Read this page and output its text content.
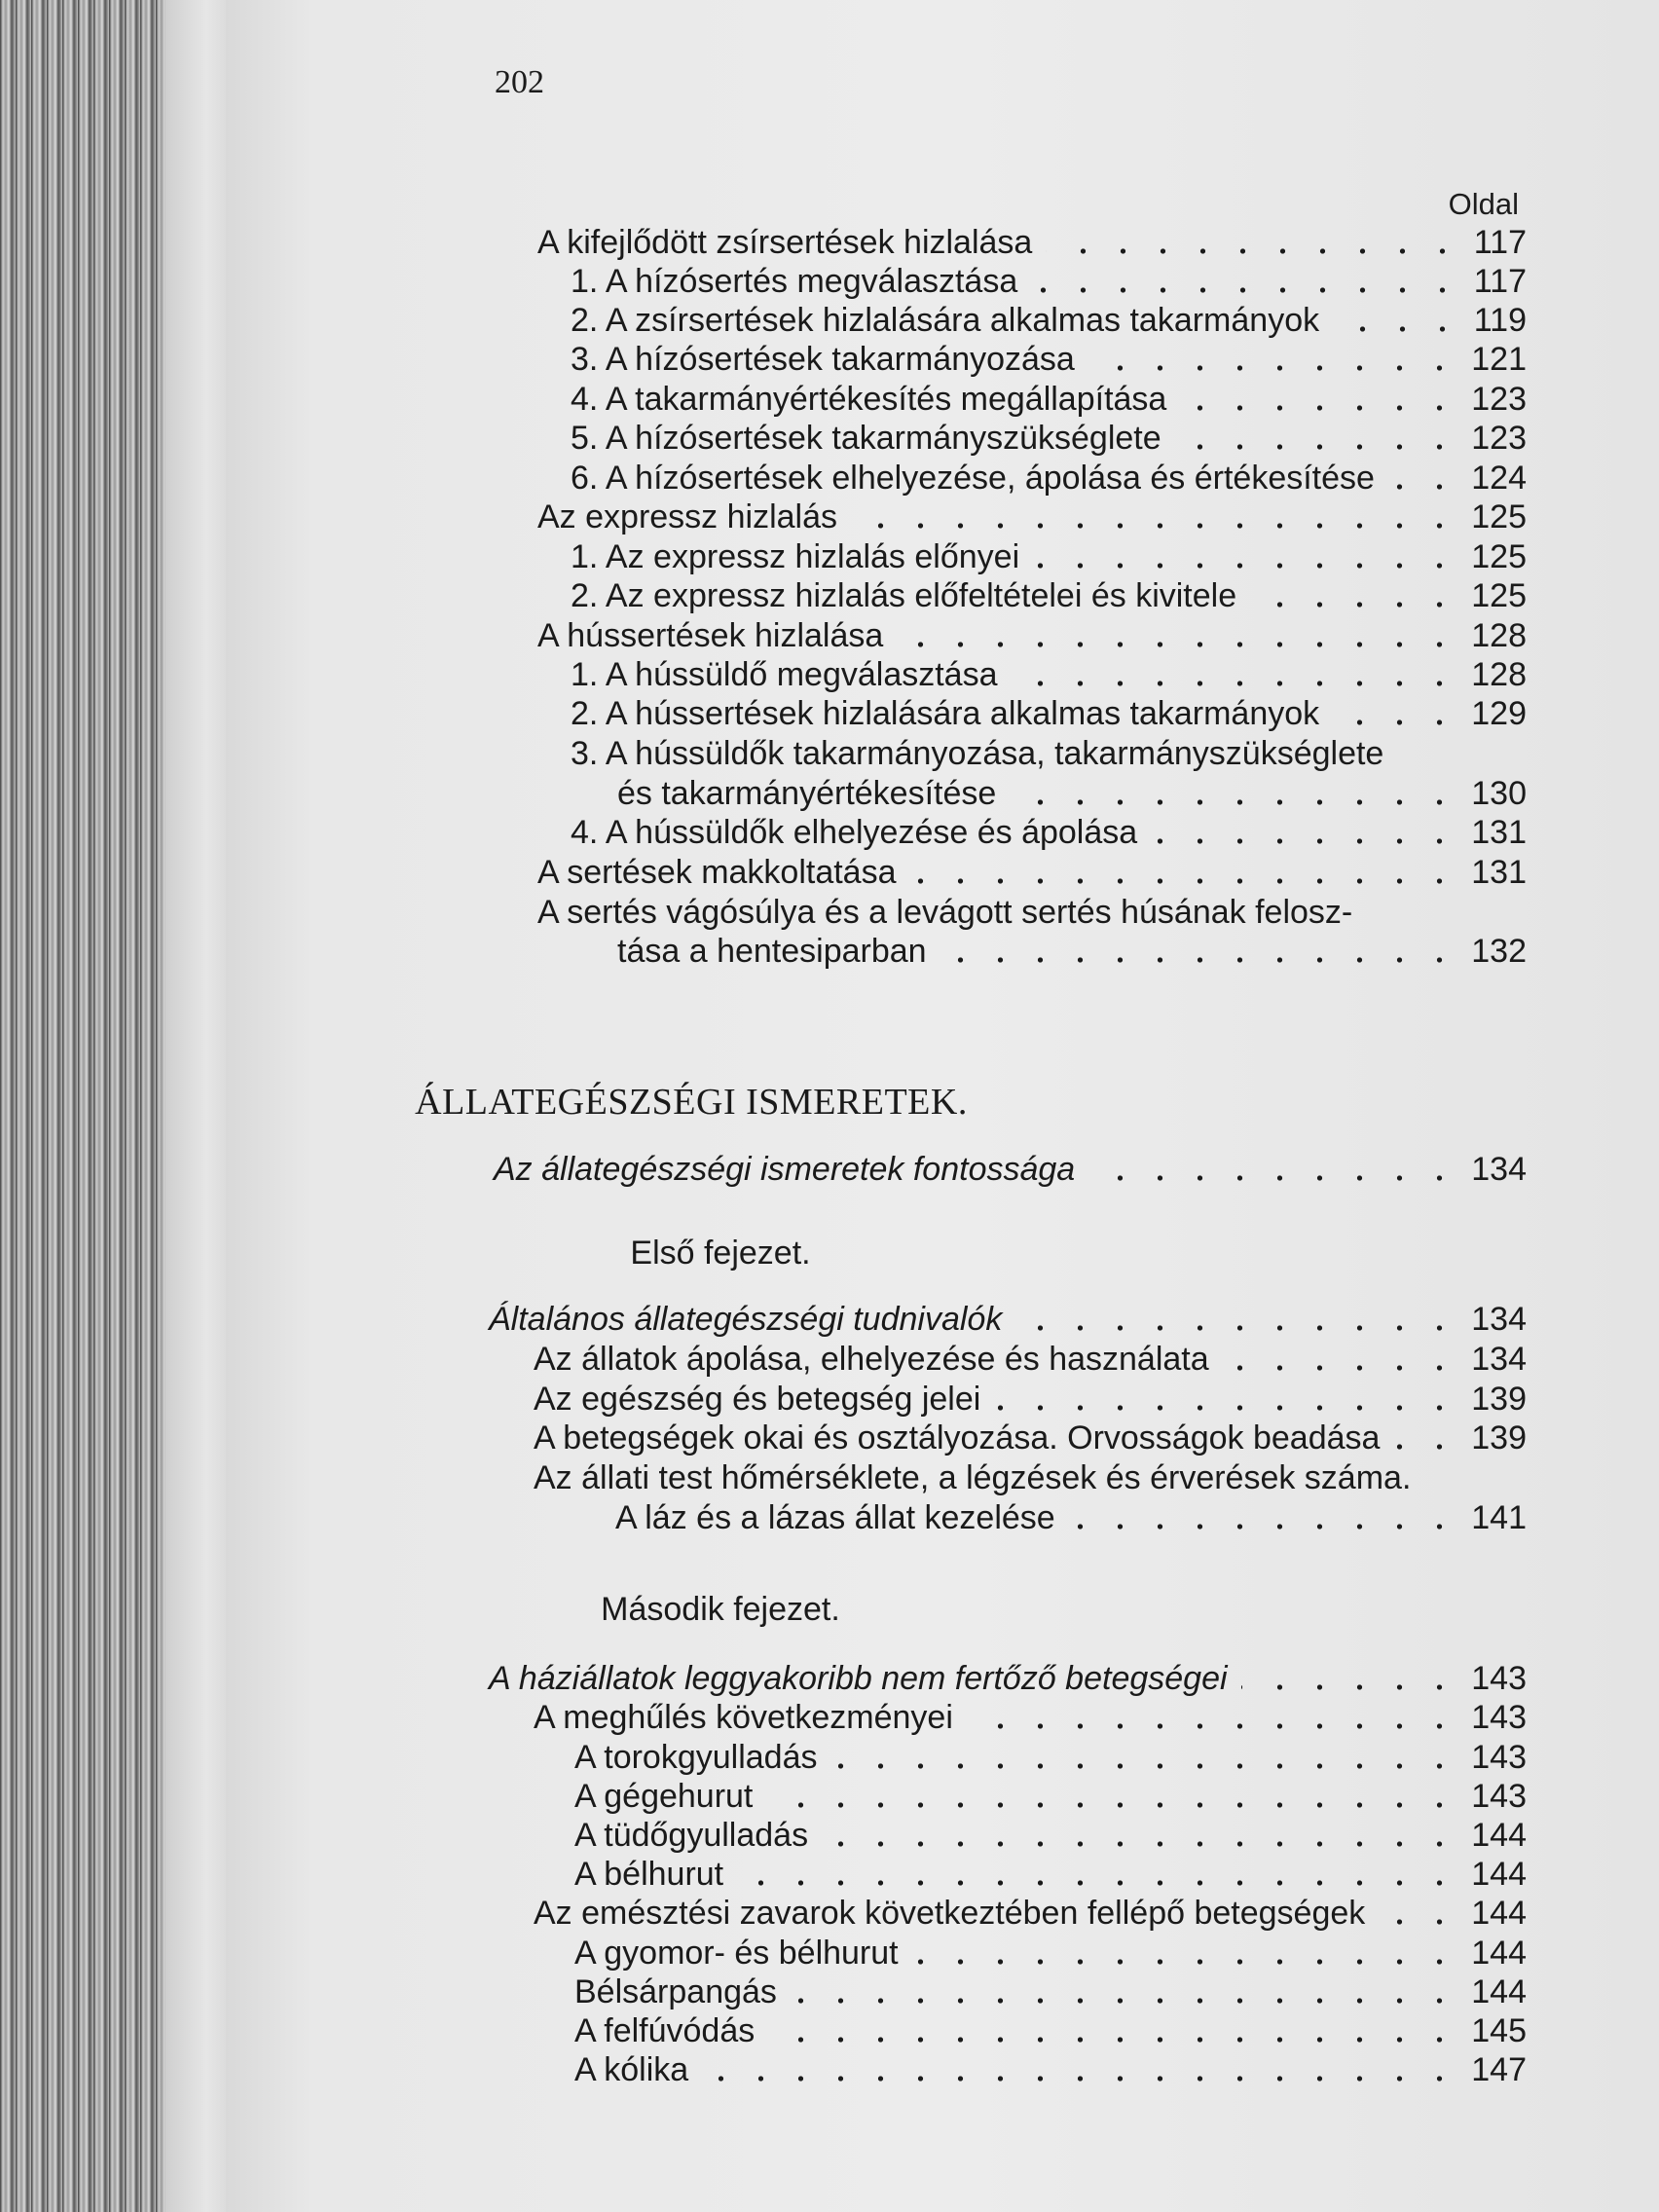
202
Oldal
A kifejlődött zsírsertések hizlalása	117
1. A hízósertés megválasztása	117
2. A zsírsertések hizlalására alkalmas takarmányok	119
3. A hízósertések takarmányozása	121
4. A takarmányértékesítés megállapítása	123
5. A hízósertések takarmányszükséglete	123
6. A hízósertések elhelyezése, ápolása és értékesítése	124
Az expressz hizlalás	125
1. Az expressz hizlalás előnyei	125
2. Az expressz hizlalás előfeltételei és kivitele	125
A hússertések hizlalása	128
1. A hússüldő megválasztása	128
2. A hússertések hizlalására alkalmas takarmányok	129
3. A hússüldők takarmányozása, takarmányszükséglete
és takarmányértékesítése	130
4. A hússüldők elhelyezése és ápolása	131
A sertések makkoltatása	131
A sertés vágósúlya és a levágott sertés húsának felosz-
tása a hentesiparban	132
ÁLLATEGÉSZSÉGI ISMERETEK.
Az állategészségi ismeretek fontossága	134
Első fejezet.
Általános állategészségi tudnivalók	134
Az állatok ápolása, elhelyezése és használata	134
Az egészség és betegség jelei	139
A betegségek okai és osztályozása. Orvosságok beadása	139
Az állati test hőmérséklete, a légzések és érverések száma.
A láz és a lázas állat kezelése	141
Második fejezet.
A háziállatok leggyakoribb nem fertőző betegségei	143
A meghűlés következményei	143
A torokgyulladás	143
A gégehurut	143
A tüdőgyulladás	144
A bélhurut	144
Az emésztési zavarok következtében fellépő betegségek	144
A gyomor- és bélhurut	144
Bélsárpangás	144
A felfúvódás	145
A kólika	147
